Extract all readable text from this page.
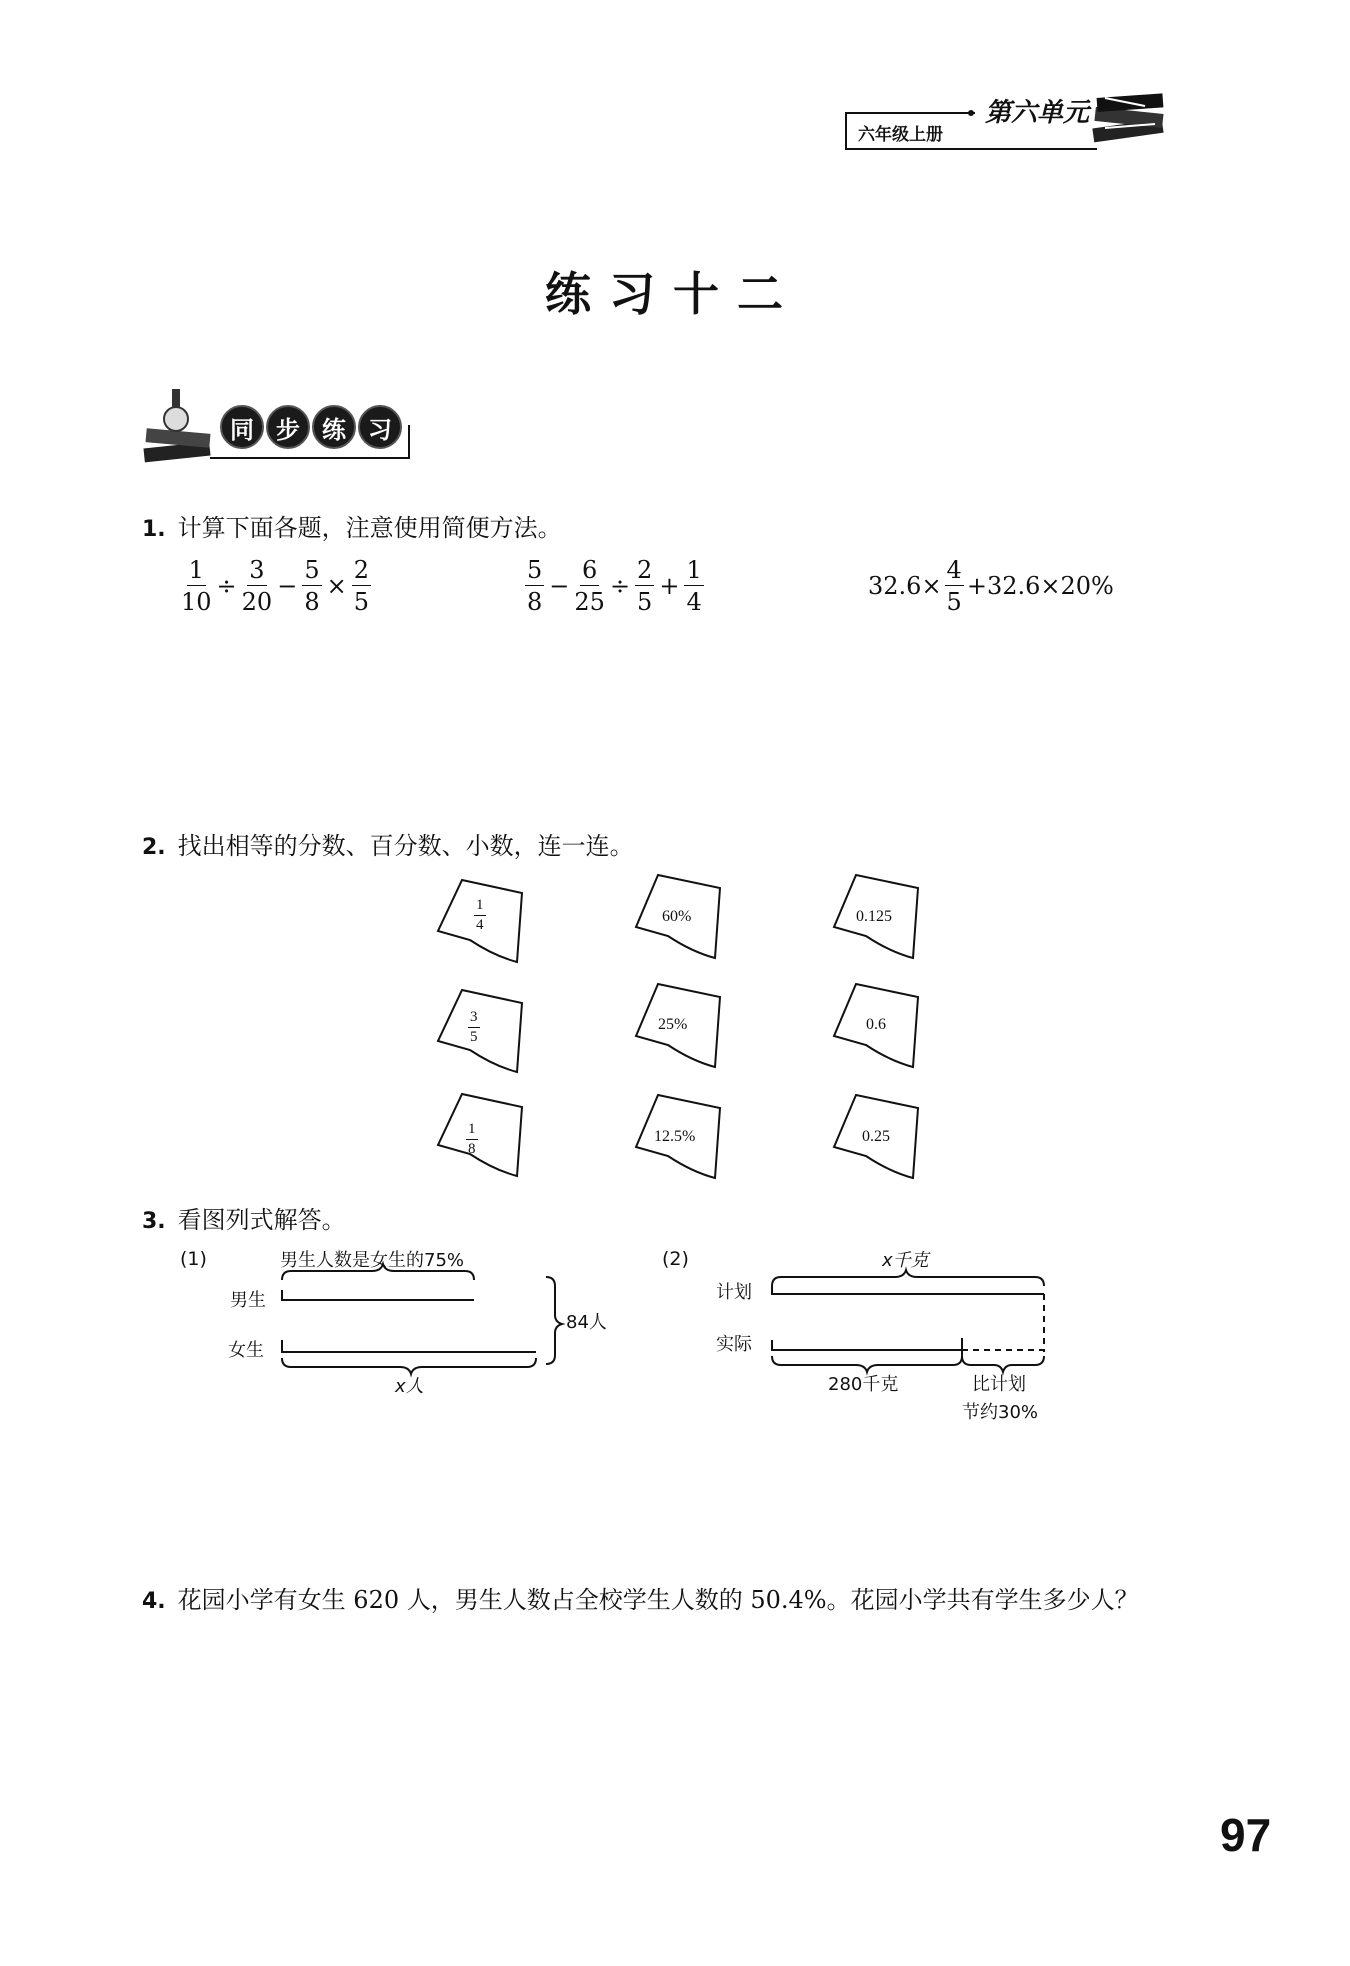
第六单元
六年级上册
练习十二
同 步 练 习
1. 计算下面各题，注意使用简便方法。
$\frac{1}{10} \div \frac{3}{20} - \frac{5}{8} \times \frac{2}{5}$	$\frac{5}{8} - \frac{6}{25} \div \frac{2}{5} + \frac{1}{4}$	$32.6\times \frac{4}{5} +32.6\times 20\%$
2. 找出相等的分数、百分数、小数，连一连。
$\frac{1}{4}$
$\frac{3}{5}$
$\frac{1}{8}$
60%
25%
12.5%
0.125
0.6
0.25
3. 看图列式解答。
(1)	男生人数是女生的75%
男生
女生
84人
x人
(2)	x千克
计划
实际
280千克	比计划
节约30%
4. 花园小学有女生 620 人，男生人数占全校学生人数的 50.4%。花园小学共有学生多少人？
97
